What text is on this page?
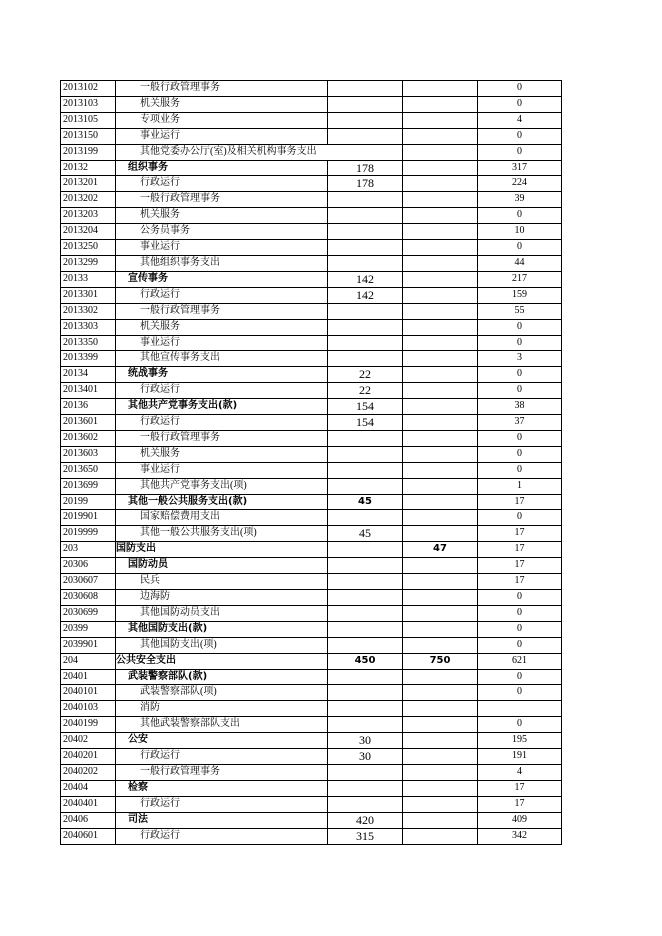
2013102	一般行政管理事务			0
2013103	机关服务			0
2013105	专项业务			4
2013150	事业运行			0
2013199	其他党委办公厅(室)及相关机构事务支出			0
20132	组织事务	178		317
2013201	行政运行	178		224
2013202	一般行政管理事务			39
2013203	机关服务			0
2013204	公务员事务			10
2013250	事业运行			0
2013299	其他组织事务支出			44
20133	宣传事务	142		217
2013301	行政运行	142		159
2013302	一般行政管理事务			55
2013303	机关服务			0
2013350	事业运行			0
2013399	其他宣传事务支出			3
20134	统战事务	22		0
2013401	行政运行	22		0
20136	其他共产党事务支出(款)	154		38
2013601	行政运行	154		37
2013602	一般行政管理事务			0
2013603	机关服务			0
2013650	事业运行			0
2013699	其他共产党事务支出(项)			1
20199	其他一般公共服务支出(款)	45		17
2019901	国家赔偿费用支出			0
2019999	其他一般公共服务支出(项)	45		17
203	国防支出		47	17
20306	国防动员			17
2030607	民兵			17
2030608	边海防			0
2030699	其他国防动员支出			0
20399	其他国防支出(款)			0
2039901	其他国防支出(项)			0
204	公共安全支出	450	750	621
20401	武装警察部队(款)			0
2040101	武装警察部队(项)			0
2040103	消防			
2040199	其他武装警察部队支出			0
20402	公安	30		195
2040201	行政运行	30		191
2040202	一般行政管理事务			4
20404	检察			17
2040401	行政运行			17
20406	司法	420		409
2040601	行政运行	315		342
